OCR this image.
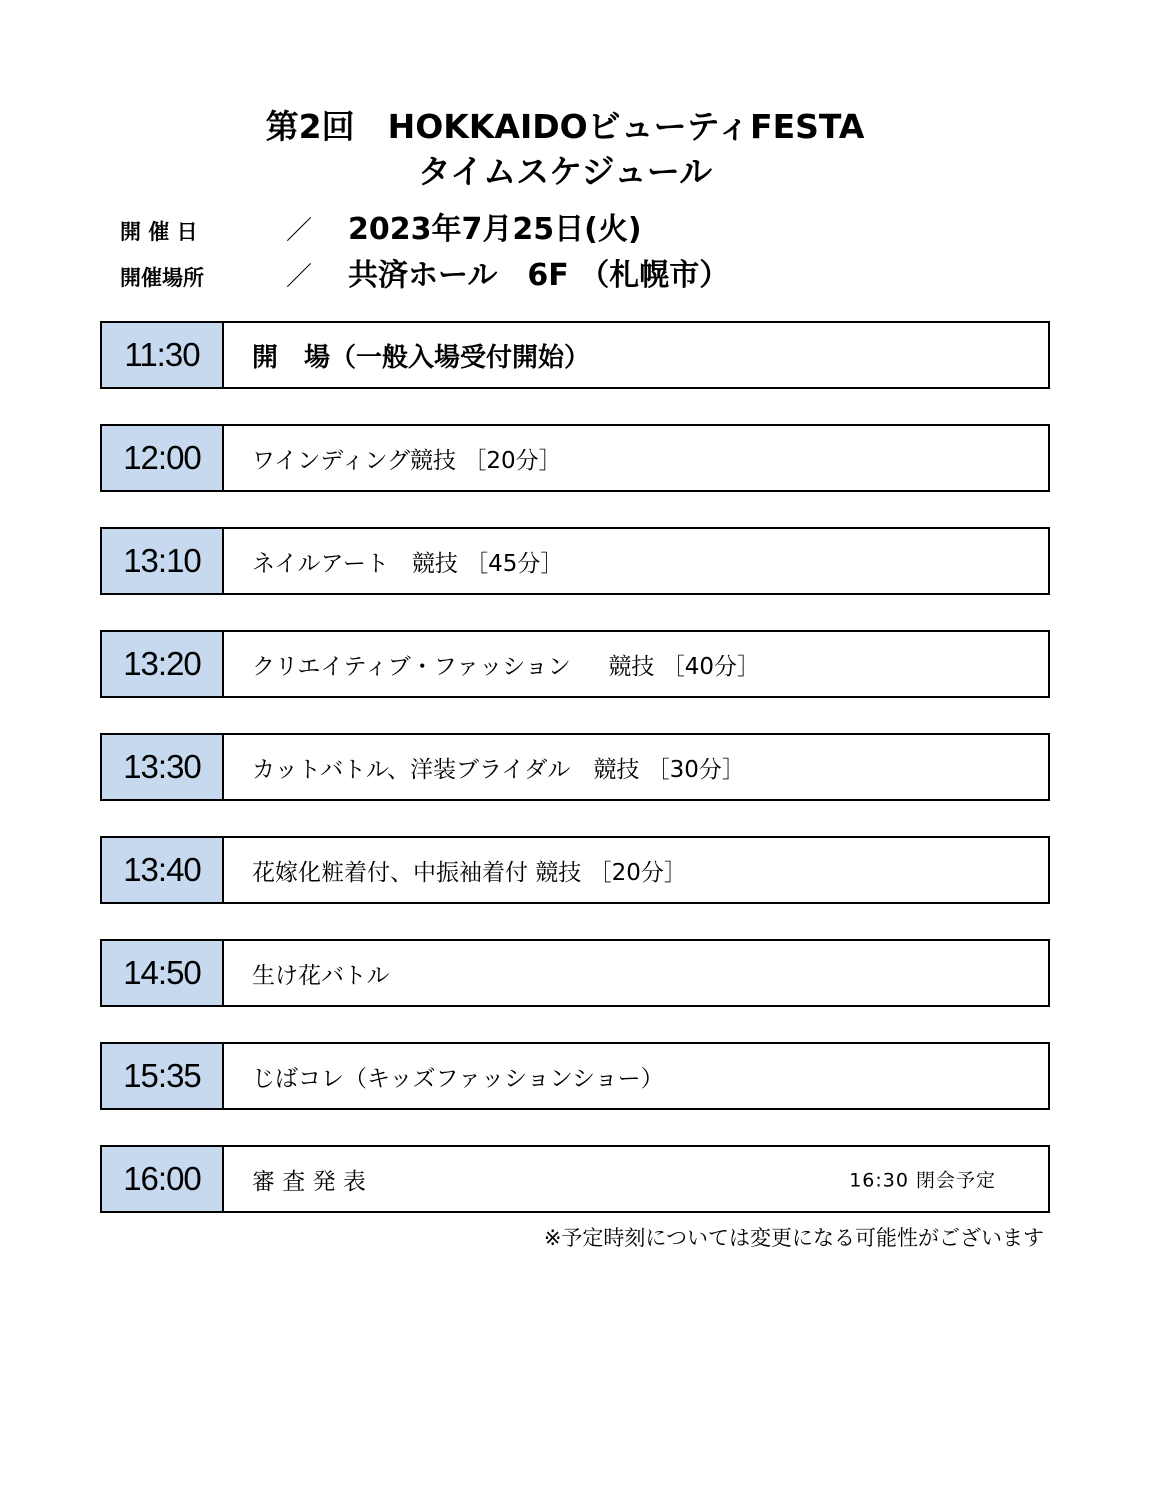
第2回　HOKKAIDOビューティFESTA
タイムスケジュール
開 催 日	／ 2023年7月25日(火)
開催場所	／ 共済ホール　6F （札幌市）
11:30	開　場（一般入場受付開始）
12:00	ワインディング競技 ［20分］
13:10	ネイルアート　競技 ［45分］
13:20	クリエイティブ・ファッション 　 競技 ［40分］
13:30	カットバトル、洋装ブライダル　競技 ［30分］
13:40	花嫁化粧着付、中振袖着付 競技 ［20分］
14:50	生け花バトル
15:35	じばコレ（キッズファッションショー）
16:00	審 査 発 表	16:30 閉会予定
※予定時刻については変更になる可能性がございます
